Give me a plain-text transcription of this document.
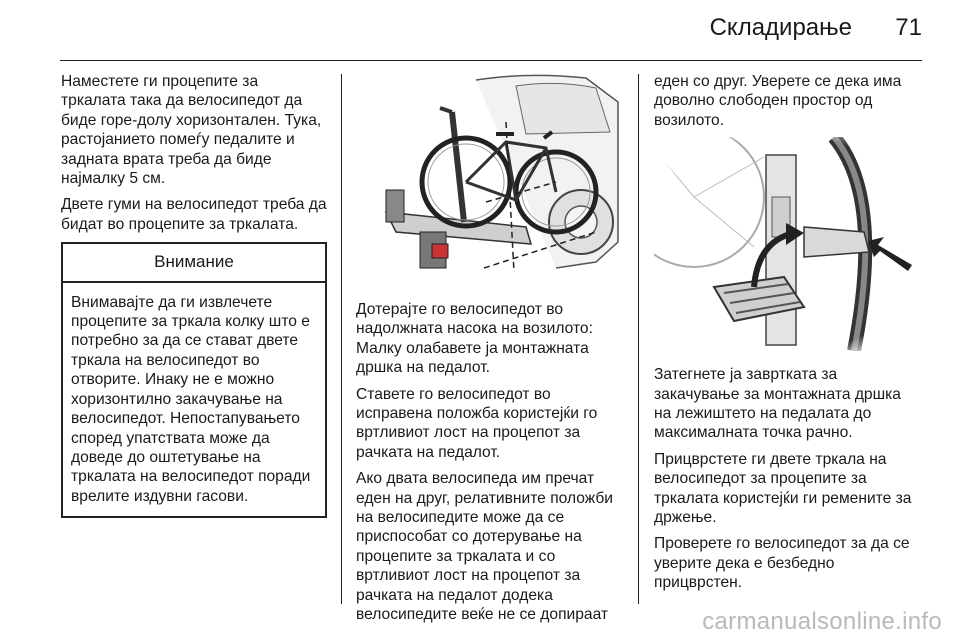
Складирање 71

Наместете ги процепите за тркалата така да велосипедот да биде горе-долу хоризонтален. Тука, растојанието помеѓу педалите и задната врата треба да биде најмалку 5 см.

Двете гуми на велосипедот треба да бидат во процепите за тркалата.

Внимание
Внимавајте да ги извлечете процепите за тркала колку што е потребно за да се стават двете тркала на велосипедот во отворите. Инаку не е можно хоризонтилно закачување на велосипедот. Непостапувањето според упатствата може да доведе до оштетување на тркалата на велосипедот поради врелите издувни гасови.

Дотерајте го велосипедот во надолжната насока на возилото: Малку олабавете ја монтажната дршка на педалот.

Ставете го велосипедот во исправена положба користејќи го вртливиот лост на процепот за рачката на педалот.

Ако двата велосипеда им пречат еден на друг, релативните положби на велосипедите може да се приспособат со дотерување на процепите за тркалата и со вртливиот лост на процепот за рачката на педалот додека велосипедите веќе не се допираат

еден со друг. Уверете се дека има доволно слободен простор од возилото.

Затегнете ја завртката за закачување за монтажната дршка на лежиштето на педалата до максималната точка рачно.

Прицврстете ги двете тркала на велосипедот за процепите за тркалата користејќи ги ремените за држење.

Проверете го велосипедот за да се уверите дека е безбедно прицврстен.

carmanualsonline.info
